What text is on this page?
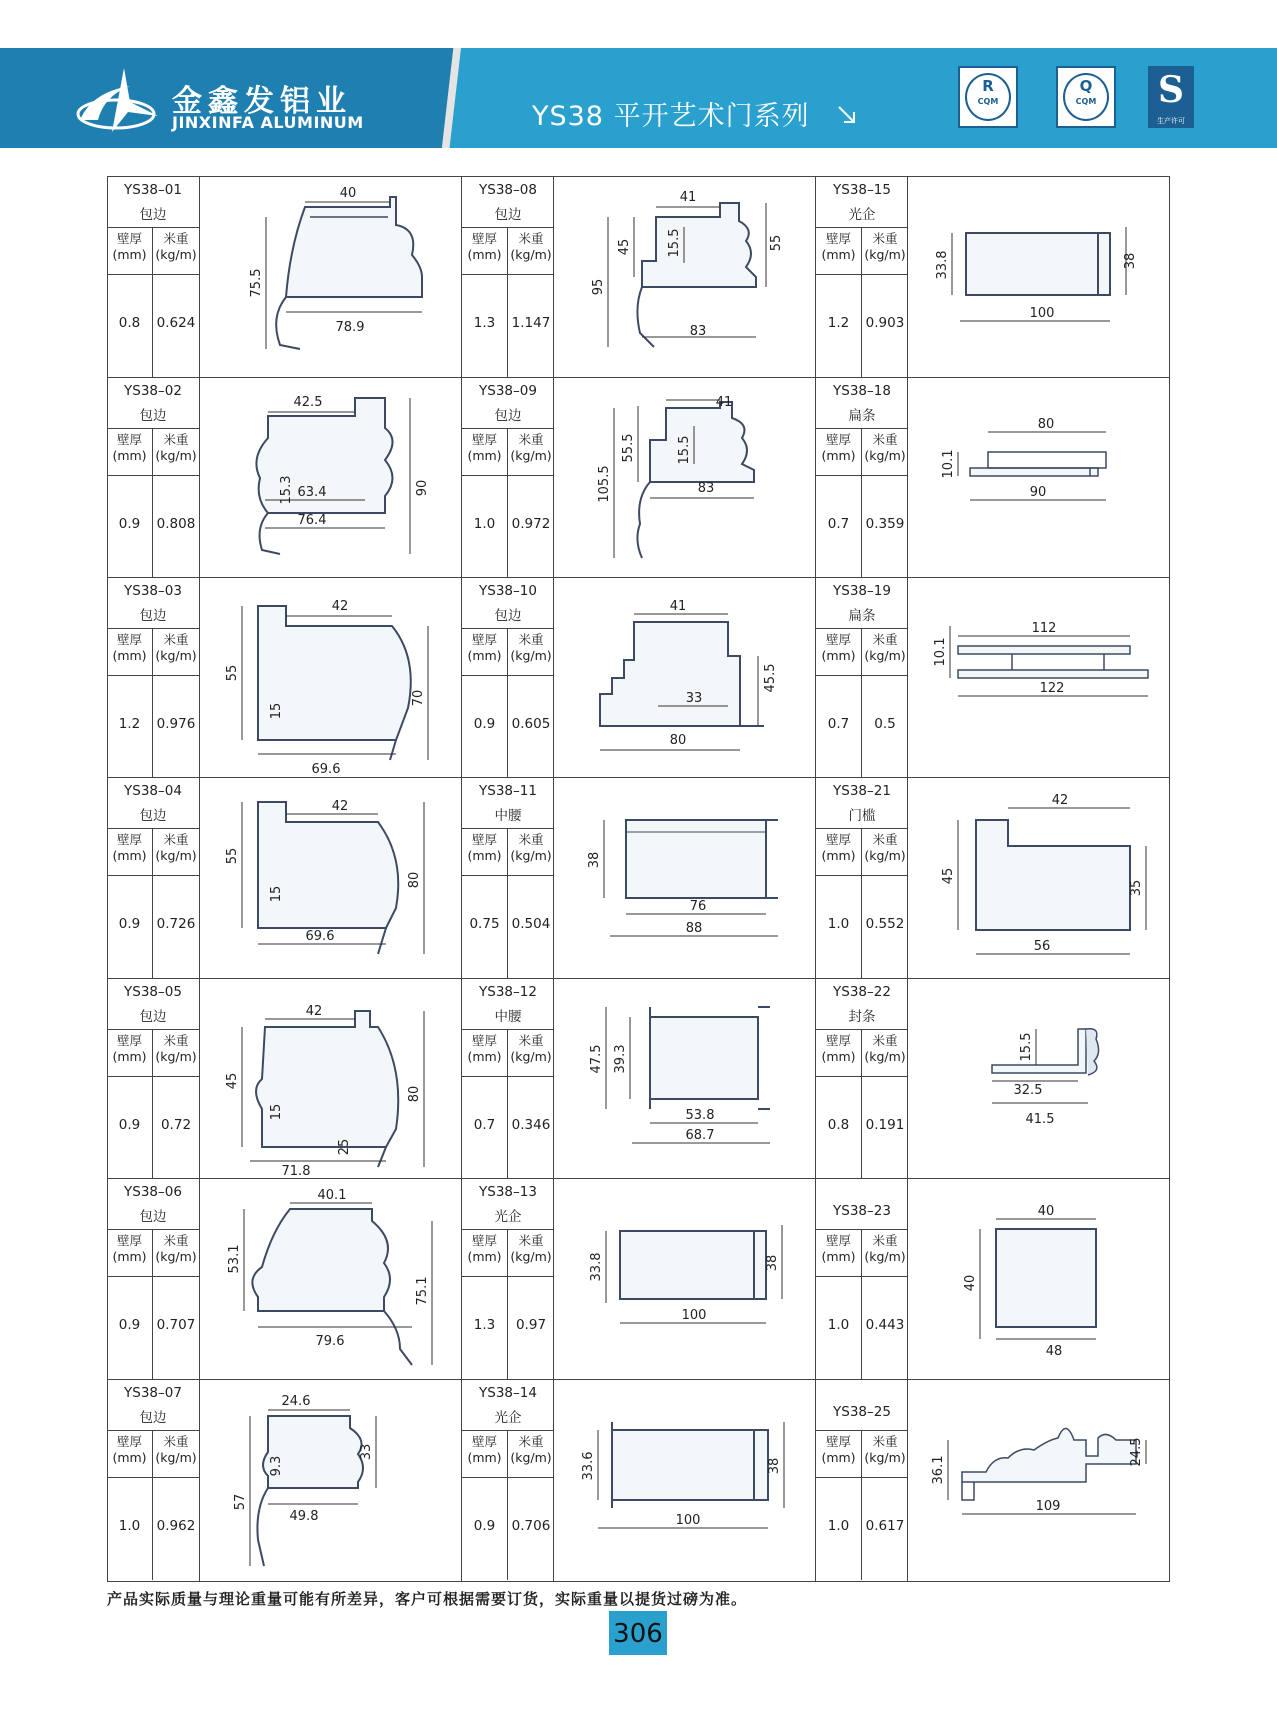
金鑫发铝业
JINXINFA ALUMINUM	YS38 平开艺术门系列
R
CQM
Q
CQM	S
生产许可
YS38–01
包边
壁厚
(mm)
米重
(kg/m)
0.8	0.624
YS38–02
包边
壁厚
(mm)
米重
(kg/m)
0.9	0.808
YS38–03
包边
壁厚
(mm)
米重
(kg/m)
1.2	0.976
YS38–04
包边
壁厚
(mm)
米重
(kg/m)
0.9	0.726
YS38–05
包边
壁厚
(mm)
米重
(kg/m)
0.9	0.72
YS38–06
包边
壁厚
(mm)
米重
(kg/m)
0.9	0.707
YS38–07
包边
壁厚
(mm)
米重
(kg/m)
1.0	0.962
YS38–08
包边
壁厚
(mm)
米重
(kg/m)
1.3	1.147
YS38–09
包边
壁厚
(mm)
米重
(kg/m)
1.0	0.972
YS38–10
包边
壁厚
(mm)
米重
(kg/m)
0.9	0.605
YS38–11
中腰
壁厚
(mm)
米重
(kg/m)
0.75 0.504
YS38–12
中腰
壁厚
(mm)
米重
(kg/m)
0.7	0.346
YS38–13
光企
壁厚
(mm)
米重
(kg/m)
1.3	0.97
YS38–14
光企
壁厚
(mm)
米重
(kg/m)
0.9	0.706
YS38–15
光企
壁厚
(mm)
米重
(kg/m)
1.2	0.903
YS38–18
扁条
壁厚
(mm)
米重
(kg/m)
0.7	0.359
YS38–19
扁条
壁厚
(mm)
米重
(kg/m)
0.7	0.5
YS38–21
门槛
壁厚
(mm)
米重
(kg/m)
1.0	0.552
YS38–22
封条
壁厚
(mm)
米重
(kg/m)
0.8	0.191
YS38–23
壁厚
(mm)
米重
(kg/m)
1.0	0.443
YS38–25
壁厚
(mm)
米重
(kg/m)
1.0	0.617
40
75.5
78.9
42.5
15.3 63.4
76.4
90
42
55
15
69.6
70
42
55
15
69.6
80
42
45
15
71.8
25
80
40.1
53.1
79.6
75.1
24.6
9.3
49.8
33
57
41
45	15.5	55
95
83
41
55.5	15.5
105.5	83
41
33
45.5
80
38
76
88
47.5 39.3
53.8
68.7
33.8	38
100
33.6	38
100
33.8	38
100
80
10.1
90
10.1
112
122
42
45
35
56
15.5
32.5
41.5
40
40
48
36.1
24.5
109
产品实际质量与理论重量可能有所差异，客户可根据需要订货，实际重量以提货过磅为准。
306
